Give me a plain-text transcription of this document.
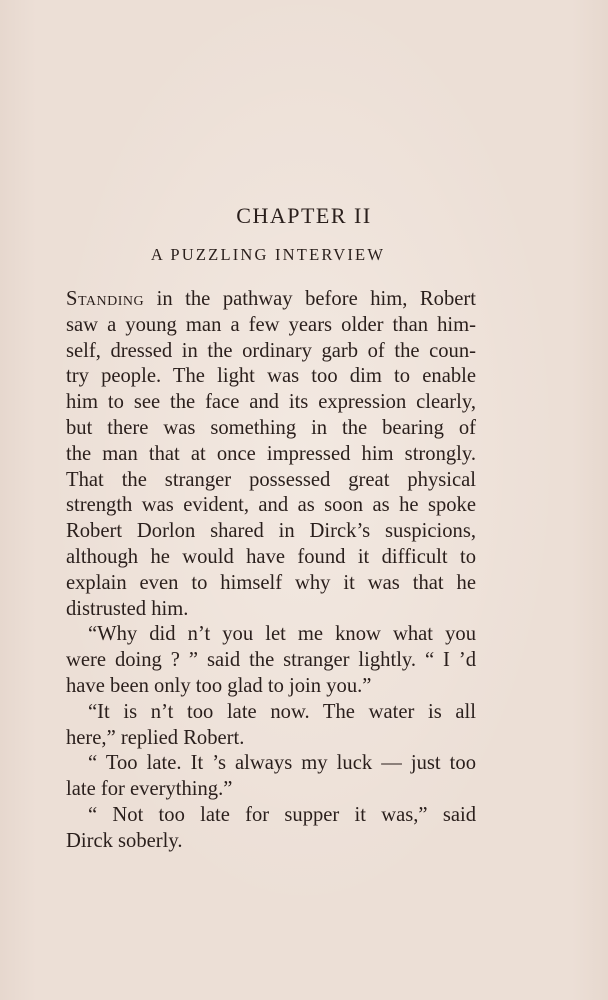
CHAPTER II
A PUZZLING INTERVIEW
Standing in the pathway before him, Robert
saw a young man a few years older than him-
self, dressed in the ordinary garb of the coun-
try people. The light was too dim to enable
him to see the face and its expression clearly,
but there was something in the bearing of
the man that at once impressed him strongly.
That the stranger possessed great physical
strength was evident, and as soon as he spoke
Robert Dorlon shared in Dirck’s suspicions,
although he would have found it difficult to
explain even to himself why it was that he
distrusted him.
“Why did n’t you let me know what you
were doing ? ” said the stranger lightly. “ I ’d
have been only too glad to join you.”
“It is n’t too late now. The water is all
here,” replied Robert.
“ Too late. It ’s always my luck — just too
late for everything.”
“ Not too late for supper it was,” said
Dirck soberly.
